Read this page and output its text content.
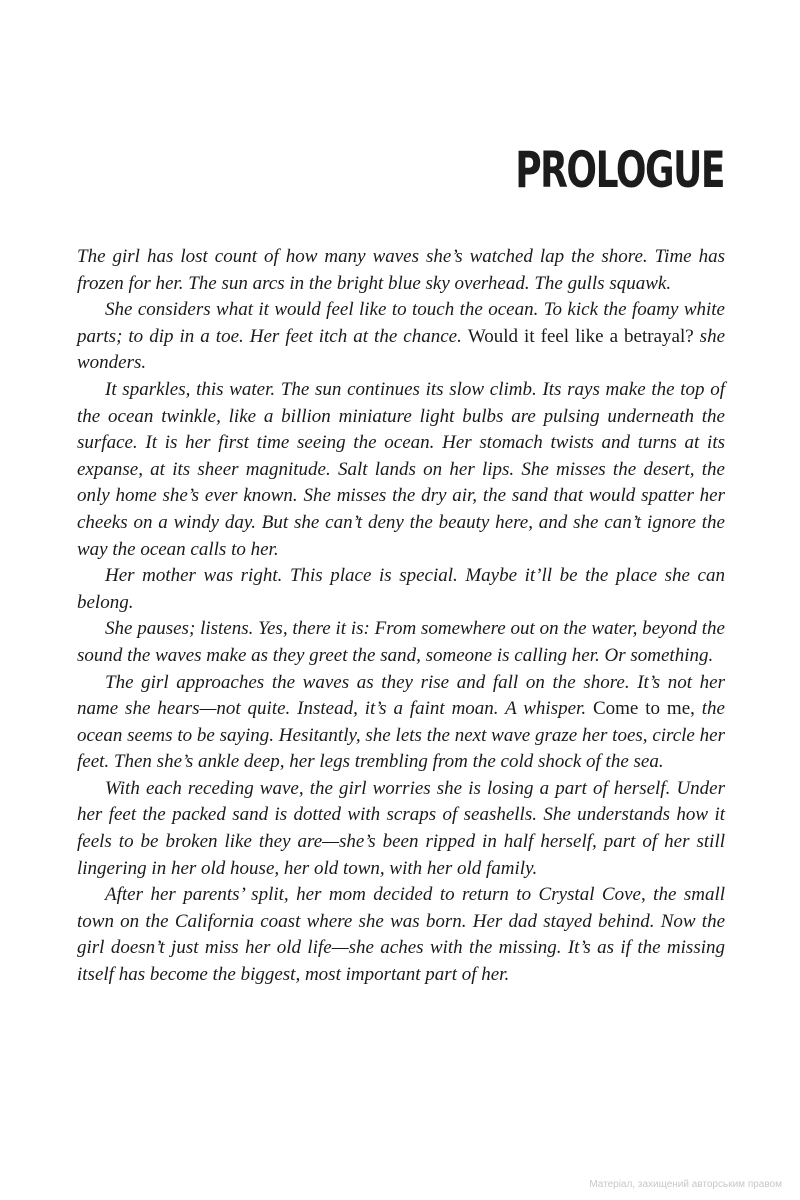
PROLOGUE

The girl has lost count of how many waves she’s watched lap the shore. Time has frozen for her. The sun arcs in the bright blue sky overhead. The gulls squawk.

She considers what it would feel like to touch the ocean. To kick the foamy white parts; to dip in a toe. Her feet itch at the chance. Would it feel like a betrayal? she wonders.

It sparkles, this water. The sun continues its slow climb. Its rays make the top of the ocean twinkle, like a billion miniature light bulbs are pulsing underneath the surface. It is her first time seeing the ocean. Her stomach twists and turns at its expanse, at its sheer magnitude. Salt lands on her lips. She misses the desert, the only home she’s ever known. She misses the dry air, the sand that would spatter her cheeks on a windy day. But she can’t deny the beauty here, and she can’t ignore the way the ocean calls to her.

Her mother was right. This place is special. Maybe it’ll be the place she can belong.

She pauses; listens. Yes, there it is: From somewhere out on the water, beyond the sound the waves make as they greet the sand, someone is calling her. Or something.

The girl approaches the waves as they rise and fall on the shore. It’s not her name she hears—not quite. Instead, it’s a faint moan. A whisper. Come to me, the ocean seems to be saying. Hesitantly, she lets the next wave graze her toes, circle her feet. Then she’s ankle deep, her legs trembling from the cold shock of the sea.

With each receding wave, the girl worries she is losing a part of herself. Under her feet the packed sand is dotted with scraps of seashells. She understands how it feels to be broken like they are—she’s been ripped in half herself, part of her still lingering in her old house, her old town, with her old family.

After her parents’ split, her mom decided to return to Crystal Cove, the small town on the California coast where she was born. Her dad stayed behind. Now the girl doesn’t just miss her old life—she aches with the missing. It’s as if the missing itself has become the biggest, most important part of her.

Матеріал, захищений авторським правом
